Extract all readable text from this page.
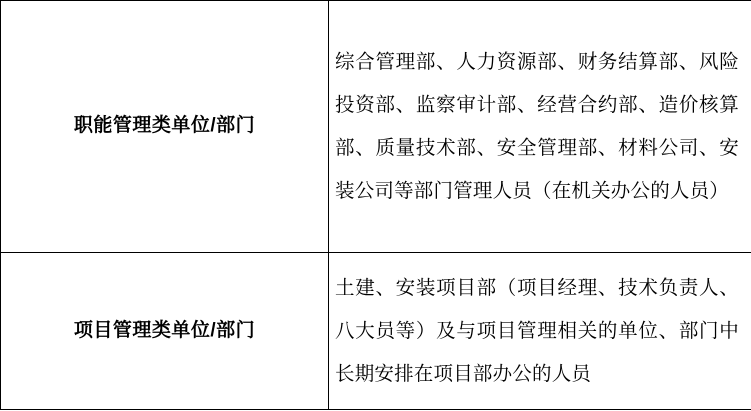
职能管理类单位/部门	综合管理部、人力资源部、财务结算部、风险投资部、监察审计部、经营合约部、造价核算部、质量技术部、安全管理部、材料公司、安装公司等部门管理人员（在机关办公的人员）

项目管理类单位/部门	土建、安装项目部（项目经理、技术负责人、八大员等）及与项目管理相关的单位、部门中长期安排在项目部办公的人员
